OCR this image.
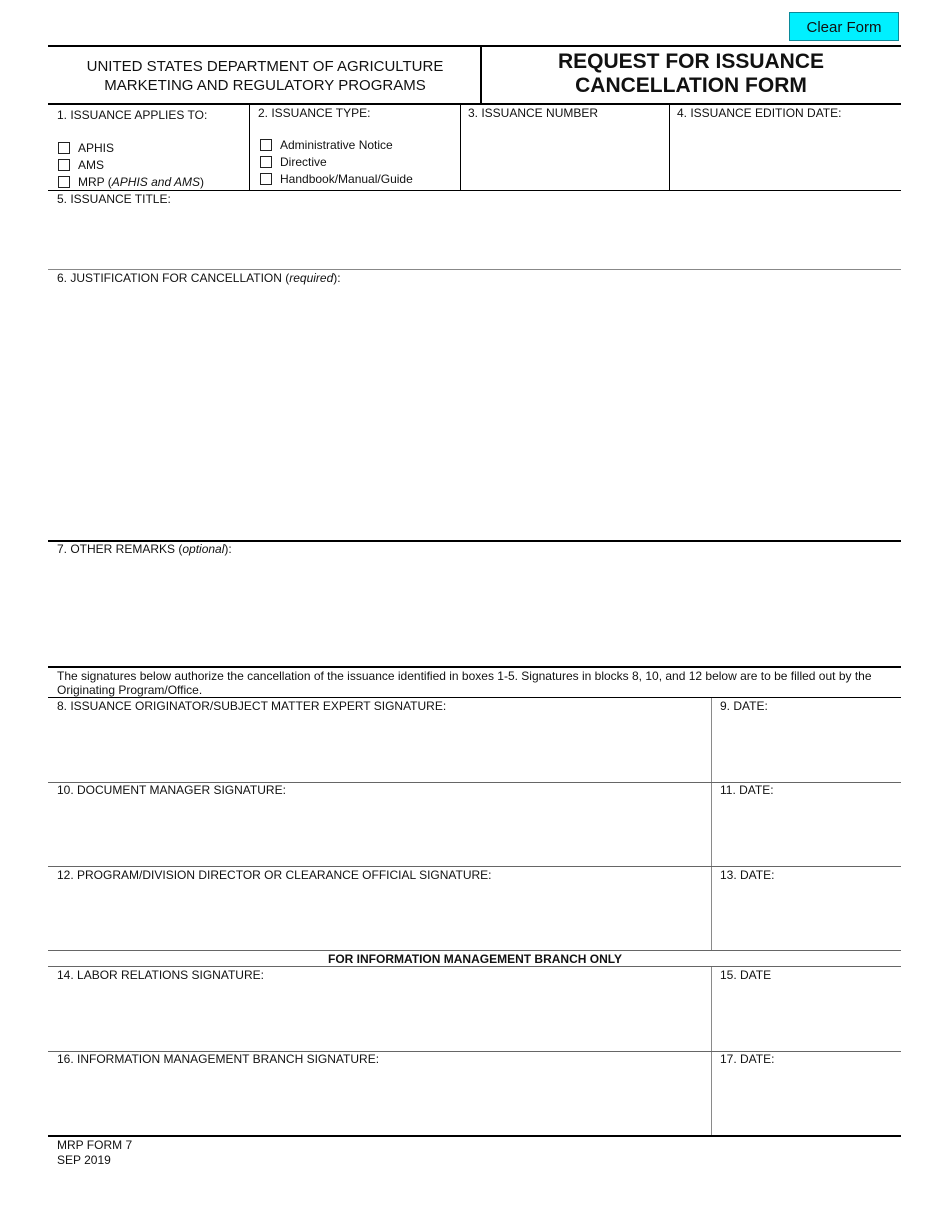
Clear Form
UNITED STATES DEPARTMENT OF AGRICULTURE
MARKETING AND REGULATORY PROGRAMS
REQUEST FOR ISSUANCE
CANCELLATION FORM
1. ISSUANCE APPLIES TO:
APHIS
AMS
MRP (APHIS and AMS)
2. ISSUANCE TYPE:
Administrative Notice
Directive
Handbook/Manual/Guide
3. ISSUANCE NUMBER	4. ISSUANCE EDITION DATE:
5. ISSUANCE TITLE:
6. JUSTIFICATION FOR CANCELLATION (required):
7. OTHER REMARKS (optional):
The signatures below authorize the cancellation of the issuance identified in boxes 1-5. Signatures in blocks 8, 10, and 12 below are to be filled out by the Originating Program/Office.
8. ISSUANCE ORIGINATOR/SUBJECT MATTER EXPERT SIGNATURE:	9. DATE:
10. DOCUMENT MANAGER SIGNATURE:	11. DATE:
12. PROGRAM/DIVISION DIRECTOR OR CLEARANCE OFFICIAL SIGNATURE:	13. DATE:
FOR INFORMATION MANAGEMENT BRANCH ONLY
14. LABOR RELATIONS SIGNATURE:	15. DATE
16. INFORMATION MANAGEMENT BRANCH SIGNATURE:	17. DATE:
MRP FORM 7
SEP 2019
